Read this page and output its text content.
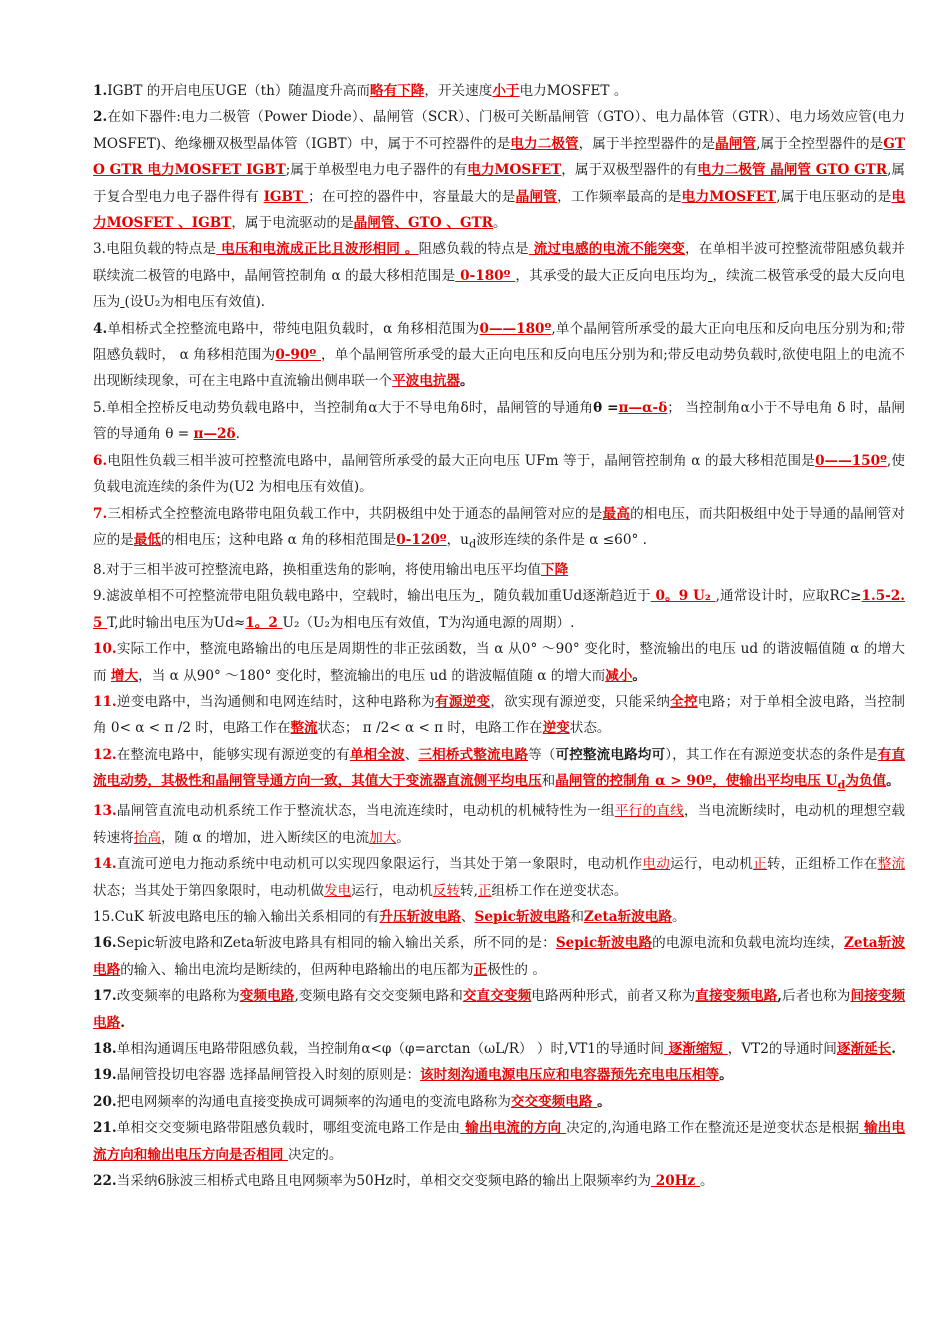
1.IGBT 的开启电压UGE（th）随温度升高而略有下降，开关速度小于电力MOSFET 。

2.在如下器件:电力二极管（Power Diode）、晶闸管（SCR）、门极可关断晶闸管（GTO）、电力晶体管（GTR）、电力场效应管(电力MOSFET)、绝缘栅双极型晶体管（IGBT）中，属于不可控器件的是电力二极管，属于半控型器件的是晶闸管,属于全控型器件的是GTO GTR 电力MOSFET IGBT;属于单极型电力电子器件的有电力MOSFET，属于双极型器件的有电力二极管 晶闸管 GTO GTR,属于复合型电力电子器件得有 IGBT ；在可控的器件中，容量最大的是晶闸管，工作频率最高的是电力MOSFET,属于电压驱动的是电力MOSFET 、IGBT，属于电流驱动的是晶闸管、GTO 、GTR。

3.电阻负载的特点是 电压和电流成正比且波形相同 。阻感负载的特点是 流过电感的电流不能突变，在单相半波可控整流带阻感负载并联续流二极管的电路中，晶闸管控制角 α 的最大移相范围是 0-180º ，其承受的最大正反向电压均为 ，续流二极管承受的最大反向电压为 (设U₂为相电压有效值).

4.单相桥式全控整流电路中，带纯电阻负载时，α 角移相范围为0——180º,单个晶闸管所承受的最大正向电压和反向电压分别为和;带阻感负载时， α 角移相范围为0-90º ，单个晶闸管所承受的最大正向电压和反向电压分别为和;带反电动势负载时,欲使电阻上的电流不出现断续现象，可在主电路中直流输出侧串联一个平波电抗器。

5.单相全控桥反电动势负载电路中，当控制角α大于不导电角δ时，晶闸管的导通角θ =π—α-δ； 当控制角α小于不导电角 δ 时，晶闸管的导通角 θ = π—2δ.

6.电阻性负载三相半波可控整流电路中，晶闸管所承受的最大正向电压 UFm 等于，晶闸管控制角 α 的最大移相范围是0——150º,使负载电流连续的条件为(U2 为相电压有效值)。

7.三相桥式全控整流电路带电阻负载工作中，共阴极组中处于通态的晶闸管对应的是最高的相电压，而共阳极组中处于导通的晶闸管对应的是最低的相电压；这种电路 α 角的移相范围是0-120º，$u_d$波形连续的条件是 α ≤60° .

8.对于三相半波可控整流电路，换相重迭角的影响，将使用输出电压平均值下降

9.滤波单相不可控整流带电阻负载电路中，空载时，输出电压为 ，随负载加重Ud逐渐趋近于 0。9 U₂ ,通常设计时，应取RC≥1.5-2.5 T,此时输出电压为Ud≈1。2 U₂（U₂为相电压有效值，T为沟通电源的周期）.

10.实际工作中，整流电路输出的电压是周期性的非正弦函数，当 α 从0° ～90° 变化时，整流输出的电压 ud 的谐波幅值随 α 的增大而 增大，当 α 从90° ～180° 变化时，整流输出的电压 ud 的谐波幅值随 α 的增大而减小。

11.逆变电路中，当沟通侧和电网连结时，这种电路称为有源逆变，欲实现有源逆变，只能采纳全控电路；对于单相全波电路，当控制角 0< α < π /2 时，电路工作在整流状态； π /2< α < π 时，电路工作在逆变状态。

12.在整流电路中，能够实现有源逆变的有单相全波、三相桥式整流电路等（可控整流电路均可），其工作在有源逆变状态的条件是有直流电动势，其极性和晶闸管导通方向一致，其值大于变流器直流侧平均电压和晶闸管的控制角 α > 90º，使输出平均电压 $U_d$为负值。

13.晶闸管直流电动机系统工作于整流状态，当电流连续时，电动机的机械特性为一组平行的直线，当电流断续时，电动机的理想空载转速将抬高，随 α 的增加，进入断续区的电流加大。

14.直流可逆电力拖动系统中电动机可以实现四象限运行，当其处于第一象限时，电动机作电动运行，电动机正转，正组桥工作在整流状态；当其处于第四象限时，电动机做发电运行，电动机反转转,正组桥工作在逆变状态。

15.CuK 斩波电路电压的输入输出关系相同的有升压斩波电路、Sepic斩波电路和Zeta斩波电路。

16.Sepic斩波电路和Zeta斩波电路具有相同的输入输出关系，所不同的是：Sepic斩波电路的电源电流和负载电流均连续，Zeta斩波电路的输入、输出电流均是断续的，但两种电路输出的电压都为正极性的 。

17.改变频率的电路称为变频电路,变频电路有交交变频电路和交直交变频电路两种形式，前者又称为直接变频电路,后者也称为间接变频电路.

18.单相沟通调压电路带阻感负载，当控制角α<φ（φ=arctan（ωL/R） ）时,VT1的导通时间 逐渐缩短 ，VT2的导通时间逐渐延长.

19.晶闸管投切电容器 选择晶闸管投入时刻的原则是：该时刻沟通电源电压应和电容器预先充电电压相等。

20.把电网频率的沟通电直接变换成可调频率的沟通电的变流电路称为交交变频电路 。

21.单相交交变频电路带阻感负载时，哪组变流电路工作是由 输出电流的方向 决定的,沟通电路工作在整流还是逆变状态是根据 输出电流方向和输出电压方向是否相同 决定的。

22.当采纳6脉波三相桥式电路且电网频率为50Hz时，单相交交变频电路的输出上限频率约为 20Hz 。
